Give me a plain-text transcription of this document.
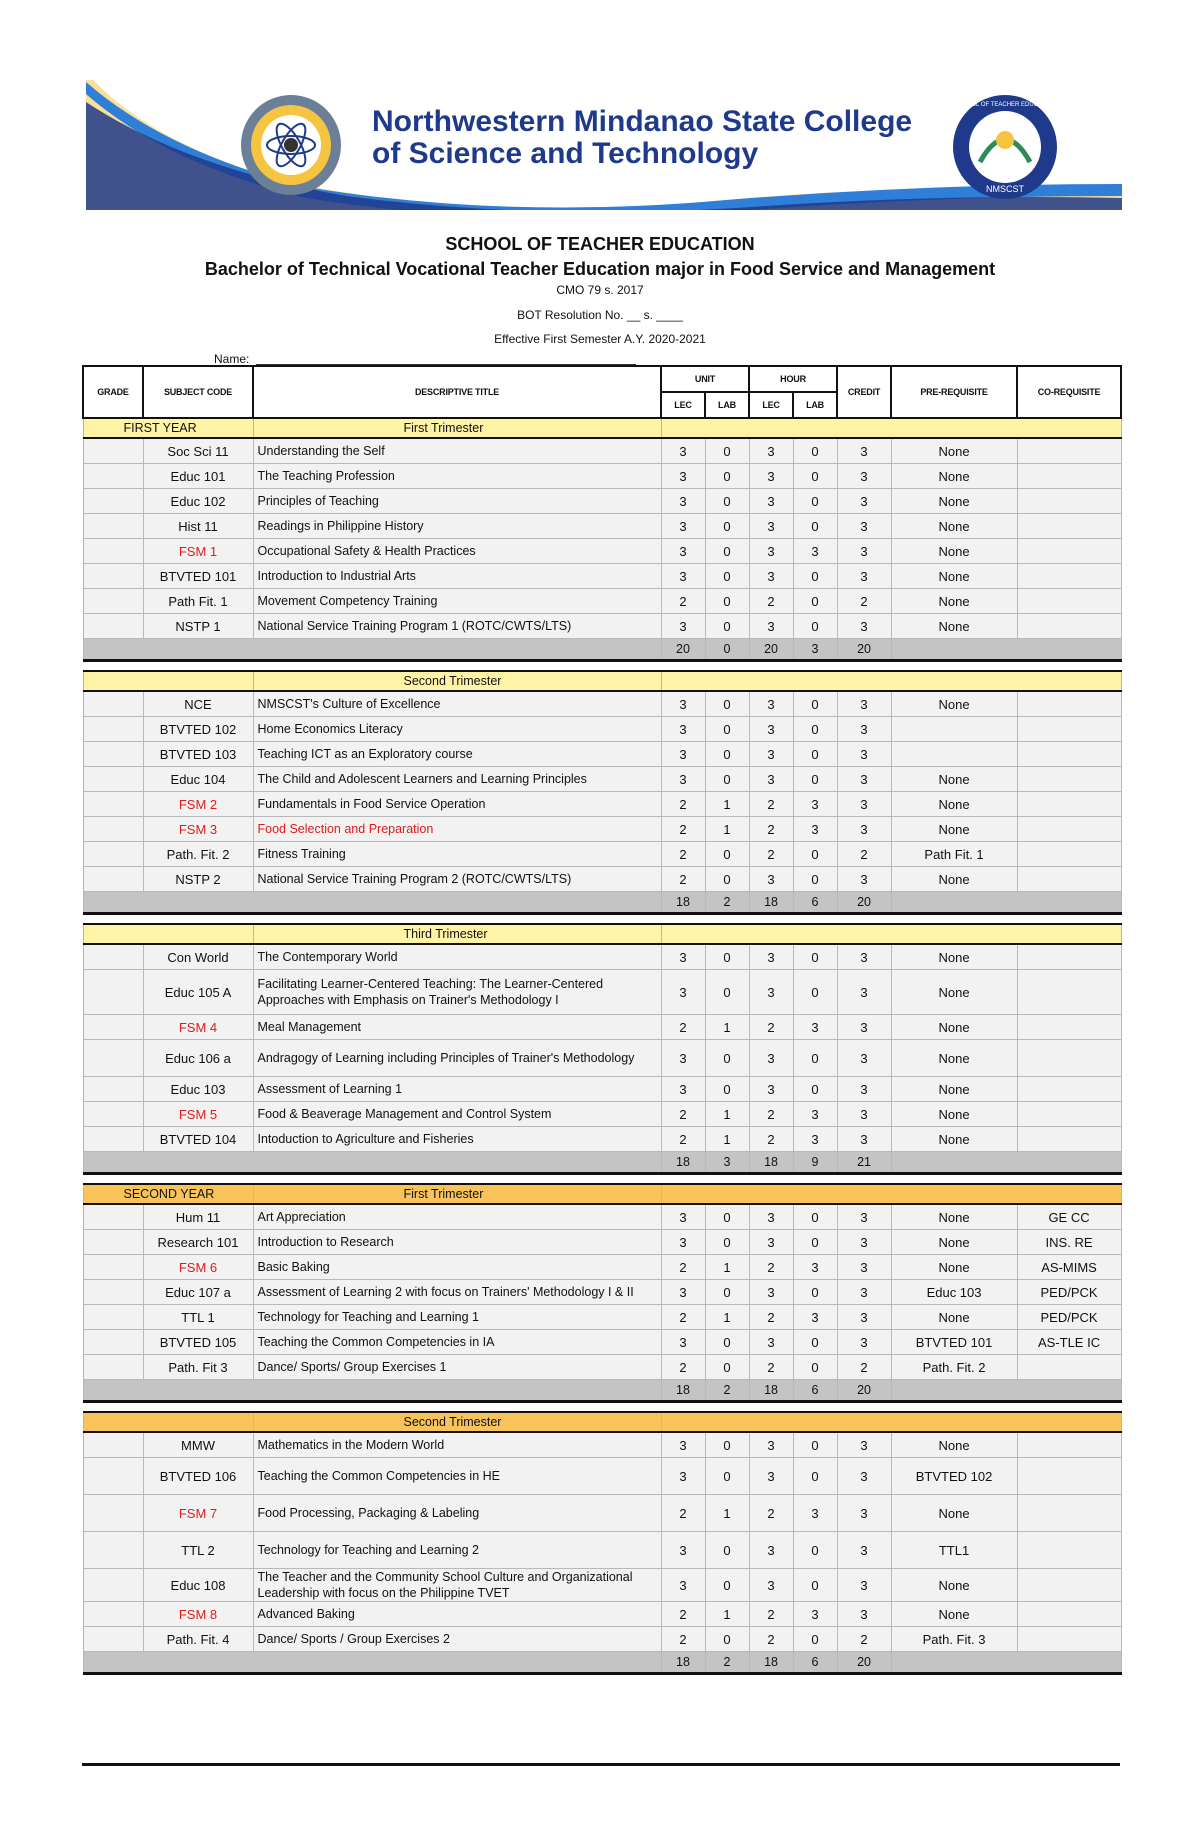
Northwestern Mindanao State College
of Science and Technology
NMSCST
SCHOOL OF TEACHER EDUCATION
SCHOOL OF TEACHER EDUCATION
Bachelor of Technical Vocational Teacher Education major in Food Service and Management
CMO 79 s. 2017
BOT Resolution No. __ s. ____
Effective First Semester A.Y. 2020-2021
Name:
GRADE	SUBJECT CODE	DESCRIPTIVE TITLE	UNIT		HOUR		CREDIT	PRE-REQUISITE	CO-REQUISITE
			LEC	LAB	LEC	LAB			
FIRST YEAR		First Trimester							
	Soc Sci 11	Understanding the Self	3	0	3	0	3	None	
	Educ 101	The Teaching Profession	3	0	3	0	3	None	
	Educ 102	Principles of Teaching	3	0	3	0	3	None	
	Hist 11	Readings in Philippine History	3	0	3	0	3	None	
	FSM 1	Occupational Safety & Health Practices	3	0	3	3	3	None	
	BTVTED 101	Introduction to Industrial Arts	3	0	3	0	3	None	
	Path Fit. 1	Movement Competency Training	2	0	2	0	2	None	
	NSTP 1	National Service Training Program 1 (ROTC/CWTS/LTS)	3	0	3	0	3	None	
			20	0	20	3	20		

		Second Trimester							
	NCE	NMSCST's Culture of Excellence	3	0	3	0	3	None	
	BTVTED 102	Home Economics Literacy	3	0	3	0	3		
	BTVTED 103	Teaching ICT as an Exploratory course	3	0	3	0	3		
	Educ 104	The Child and Adolescent Learners and Learning Principles	3	0	3	0	3	None	
	FSM 2	Fundamentals in Food Service Operation	2	1	2	3	3	None	
	FSM 3	Food Selection and Preparation	2	1	2	3	3	None	
	Path. Fit. 2	Fitness Training	2	0	2	0	2	Path Fit. 1	
	NSTP 2	National Service Training Program 2 (ROTC/CWTS/LTS)	2	0	3	0	3	None	
			18	2	18	6	20		

		Third Trimester							
	Con World	The Contemporary World	3	0	3	0	3	None	
	Educ 105 A	Facilitating Learner-Centered Teaching: The Learner-Centered Approaches with Emphasis on Trainer's Methodology I	3	0	3	0	3	None	
	FSM 4	Meal Management	2	1	2	3	3	None	
	Educ 106 a	Andragogy of Learning including Principles of Trainer's Methodology	3	0	3	0	3	None	
	Educ 103	Assessment of Learning 1	3	0	3	0	3	None	
	FSM 5	Food & Beaverage Management and Control System	2	1	2	3	3	None	
	BTVTED 104	Intoduction to Agriculture and Fisheries	2	1	2	3	3	None	
			18	3	18	9	21		

SECOND YEAR		First Trimester							
	Hum 11	Art Appreciation	3	0	3	0	3	None	GE CC
	Research 101	Introduction to Research	3	0	3	0	3	None	INS. RE
	FSM 6	Basic Baking	2	1	2	3	3	None	AS-MIMS
	Educ 107 a	Assessment of Learning 2 with focus on Trainers' Methodology I & II	3	0	3	0	3	Educ 103	PED/PCK
	TTL 1	Technology for Teaching and Learning 1	2	1	2	3	3	None	PED/PCK
	BTVTED 105	Teaching the Common Competencies in IA	3	0	3	0	3	BTVTED 101	AS-TLE IC
	Path. Fit 3	Dance/ Sports/ Group Exercises 1	2	0	2	0	2	Path. Fit. 2	
			18	2	18	6	20		

		Second Trimester							
	MMW	Mathematics in the Modern World	3	0	3	0	3	None	
	BTVTED 106	Teaching the Common Competencies in HE	3	0	3	0	3	BTVTED 102	
	FSM 7	Food Processing, Packaging & Labeling	2	1	2	3	3	None	
	TTL 2	Technology for Teaching and Learning 2	3	0	3	0	3	TTL1	
	Educ 108	The Teacher and the Community School Culture and Organizational Leadership with focus on the Philippine TVET	3	0	3	0	3	None	
	FSM 8	Advanced Baking	2	1	2	3	3	None	
	Path. Fit. 4	Dance/ Sports / Group Exercises 2	2	0	2	0	2	Path. Fit. 3	
			18	2	18	6	20		
